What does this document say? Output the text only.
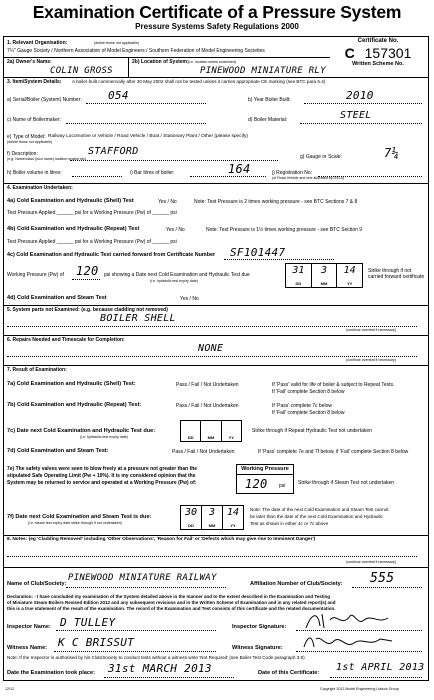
Examination Certificate of a Pressure System
Pressure Systems Safety Regulations 2000
Certificate No.
C 157301
Written Scheme No.
1. Relevant Organisation:	(delete those not applicable)
7¼" Gauge Society / Northern Association of Model Engineers / Southern Federation of Model Engineering Societies
2a) Owner's Name:
COLIN GROSS
2b) Location of System: (i.e. location where examined)
PINEWOOD MINIATURE RLY
3. Item/System Details: A boiler built commercially after 30 May 2002 shall not be tested unless it carries appropriate CE marking (see BTC para 6.4)
a) Serial/Boiler (System) Number: 054	b) Year Boiler Built:	2010
c) Name of Boilermaker:	d) Boiler Material:	STEEL
e) Type of Model:
(delete those not applicable)
Railway Locomotive or Vehicle / Road Vehicle / Boat / Stationary Plant / Other (please specify)
f) Description:
(e.g. Name/class (loco name) location engine etc)
STAFFORD	g) Gauge or Scale:	7¼
h) Boiler volume in litres:	i) Bar litres of boiler:	164	j) Registration No:
(of Road Vehicle and one allocated by DVLA)
4. Examination Undertaken:
4a) Cold Examination and Hydraulic (Shell) Test	Yes / No	Note: Test Pressure is 2 times working pressure - see BTC Sections 7 & 8
Test Pressure Applied ______ psi for a Working Pressure (Pw) of ______ psi
4b) Cold Examination and Hydraulic (Repeat) Test	Yes / No	Note: Test Pressure is 1½ times working pressure - see BTC Section 9
Test Pressure Applied ______ psi for a Working Pressure (Pw) of ______ psi
4c) Cold Examination and Hydraulic Test carried forward from Certificate Number SF101447
Working Pressure (Pw) of 120 psi showing a Date next Cold Examination and Hydraulic Test due
(i.e. hydraulic test expiry date)
31
DD
3
MM
14
YY
Strike through if not carried forward certificate
4d) Cold Examination and Steam Test	Yes / No
5. System parts not Examined: (e.g. because cladding not removed)
BOILER SHELL
(continue overleaf if necessary)
6. Repairs Needed and Timescale for Completion:
NONE
(continue overleaf if necessary)
7. Result of Examination:
7a) Cold Examination and Hydraulic (Shell) Test:	Pass / Fail / Not Undertaken	If 'Pass' valid for life of boiler & subject to Repeat Tests.
If 'Fail' complete Section 8 below
7b) Cold Examination and Hydraulic (Repeat) Test:	Pass / Fail / Not Undertaken	If 'Pass' complete 7c below
If 'Fail' complete Section 8 below
7c) Date next Cold Examination and Hydraulic Test due:
(i.e. hydraulic test expiry date)	DD	MM	YY
Strike through if Repeat Hydraulic Test not undertaken
7d) Cold Examination and Steam Test:	Pass / Fail / Not Undertaken	If 'Pass' complete 7e and 7f below, if 'Fail' complete Section 8 below
7e) The safety valves were seen to blow freely at a pressure not greater than the
stipulated Safe Operating Limit (Pw + 10%). It is my considered opinion that the
System may be returned to service and operated at a Working Pressure (Pw) of:
Working Pressure
120 psi	Strike through if Steam Test not undertaken
7f) Date next Cold Examination and Steam Test is due:
(i.e. steam test expiry date strike through if not undertaken)
30
DD
3
MM
14
YY
Note: The date of the next Cold Examination and Steam Test cannot
be later than the date of the next Cold Examination and Hydraulic
Test as shown in either 4c or 7c above
8. Notes: (eg 'Cladding Removed' including 'Other Observations', 'Reason for Fail' or 'Defects which may give rise to Imminent Danger')
(continue overleaf if necessary)
Name of Club/Society:
PINEWOOD MINIATURE RAILWAY
Affiliation Number of Club/Society: 555
Declaration: - I have concluded my examination of the System detailed above in the manner and to the extent described in the Examination and Testing
of Miniature Steam Boilers Revised Edition 2012 and any subsequent revisions and in the Written Scheme of Examination and in any related report(s) and
this is a true statement of the result of the examination. The record of the Examination and Test consists of this certificate and the related documentation.
Inspector Name: D TULLEY	Inspector Signature:
Witness Name: K C BRISSUT	Witness Signature:
Note: If the Inspector is authorised by his Club/Society to conduct tests without a witness write 'Not Required' (see Boiler Test Code paragraph 3.9)
Date the Examination took place: 31st MARCH 2013	Date of this Certificate: 1st APRIL 2013
12/12	Copyright 2012 Model Engineering Liaison Group
